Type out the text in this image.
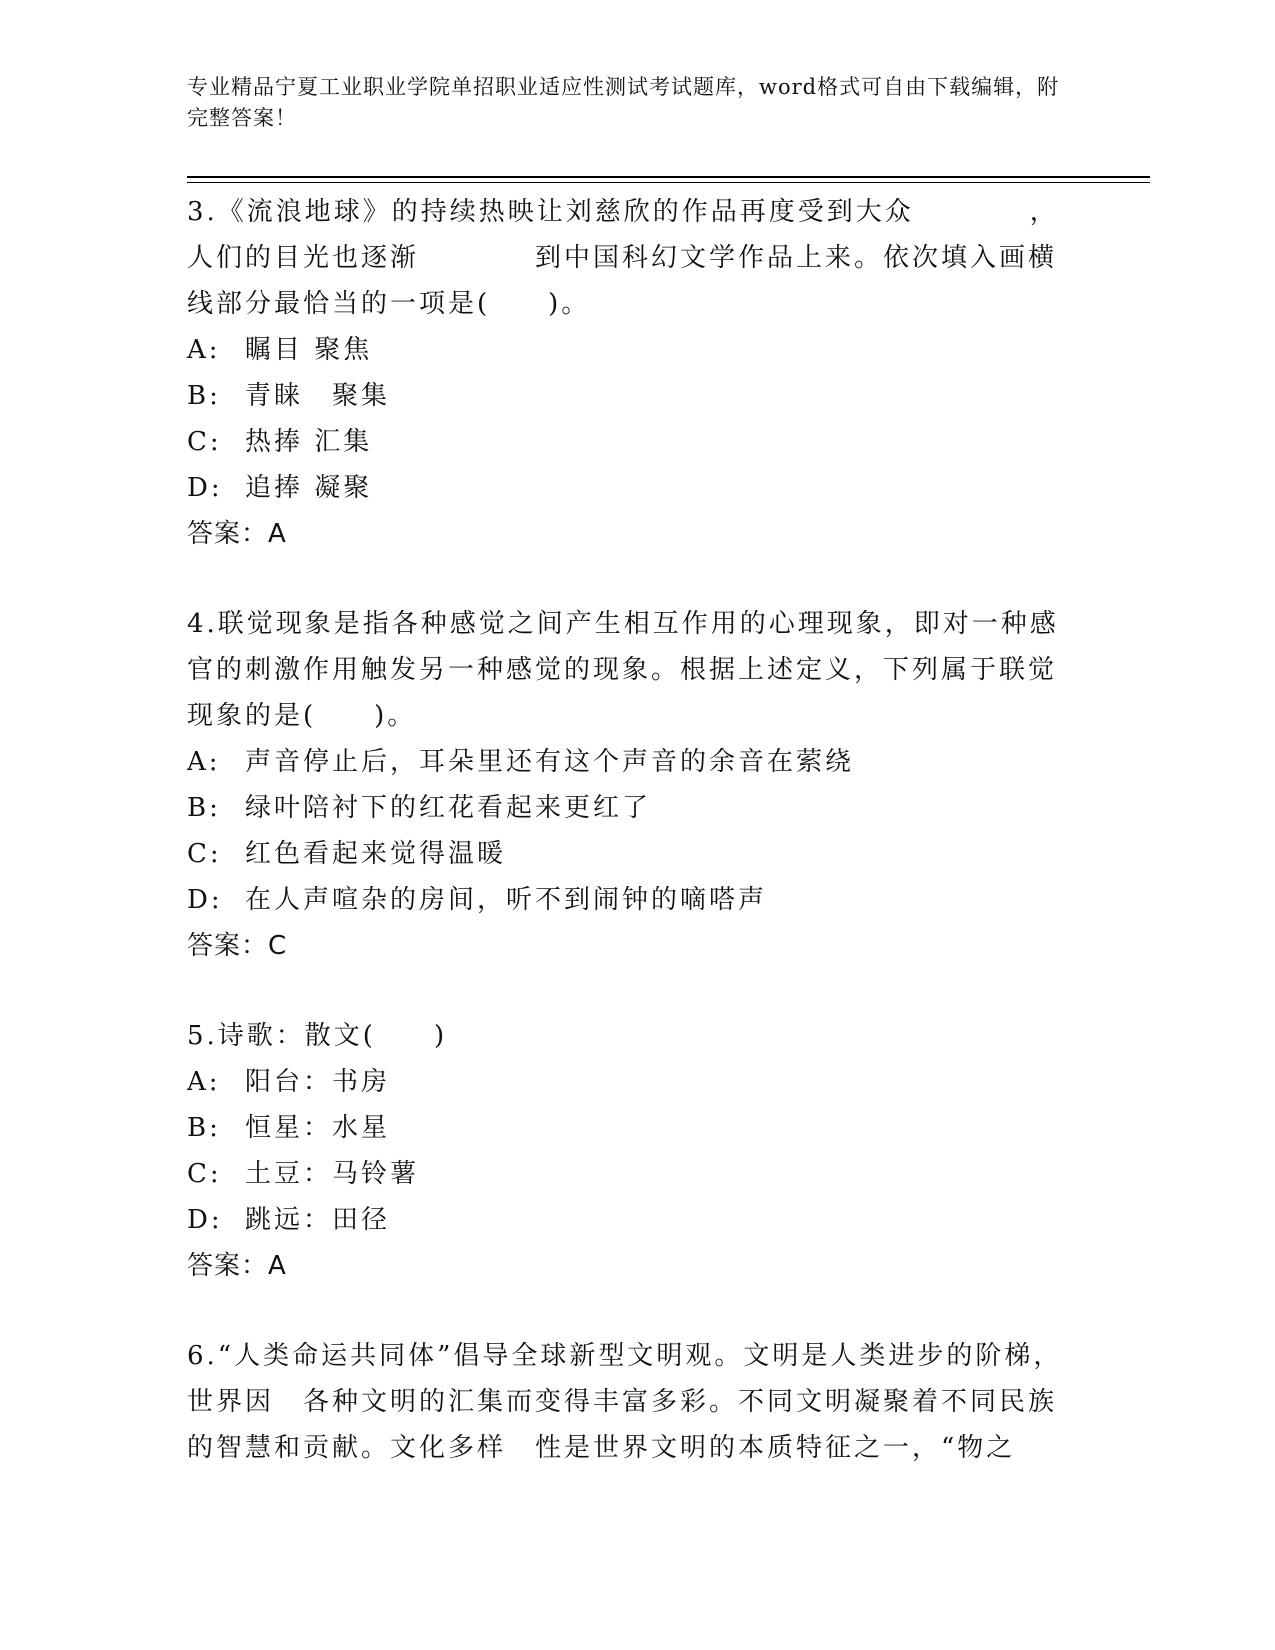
专业精品宁夏工业职业学院单招职业适应性测试考试题库，word格式可自由下载编辑，附完整答案！
3.《流浪地球》的持续热映让刘慈欣的作品再度受到大众　　　　，人们的目光也逐渐　　　　到中国科幻文学作品上来。依次填入画横线部分最恰当的一项是(　　)。
A: 瞩目 聚焦
B: 青睐　聚集
C: 热捧 汇集
D: 追捧 凝聚
答案：A
4.联觉现象是指各种感觉之间产生相互作用的心理现象，即对一种感官的刺激作用触发另一种感觉的现象。根据上述定义，下列属于联觉现象的是(　　)。
A: 声音停止后，耳朵里还有这个声音的余音在萦绕
B: 绿叶陪衬下的红花看起来更红了
C: 红色看起来觉得温暖
D: 在人声喧杂的房间，听不到闹钟的嘀嗒声
答案：C
5.诗歌：散文(　　)
A: 阳台：书房
B: 恒星：水星
C: 土豆：马铃薯
D: 跳远：田径
答案：A
6.“人类命运共同体”倡导全球新型文明观。文明是人类进步的阶梯，世界因　各种文明的汇集而变得丰富多彩。不同文明凝聚着不同民族的智慧和贡献。文化多样　性是世界文明的本质特征之一，“物之
